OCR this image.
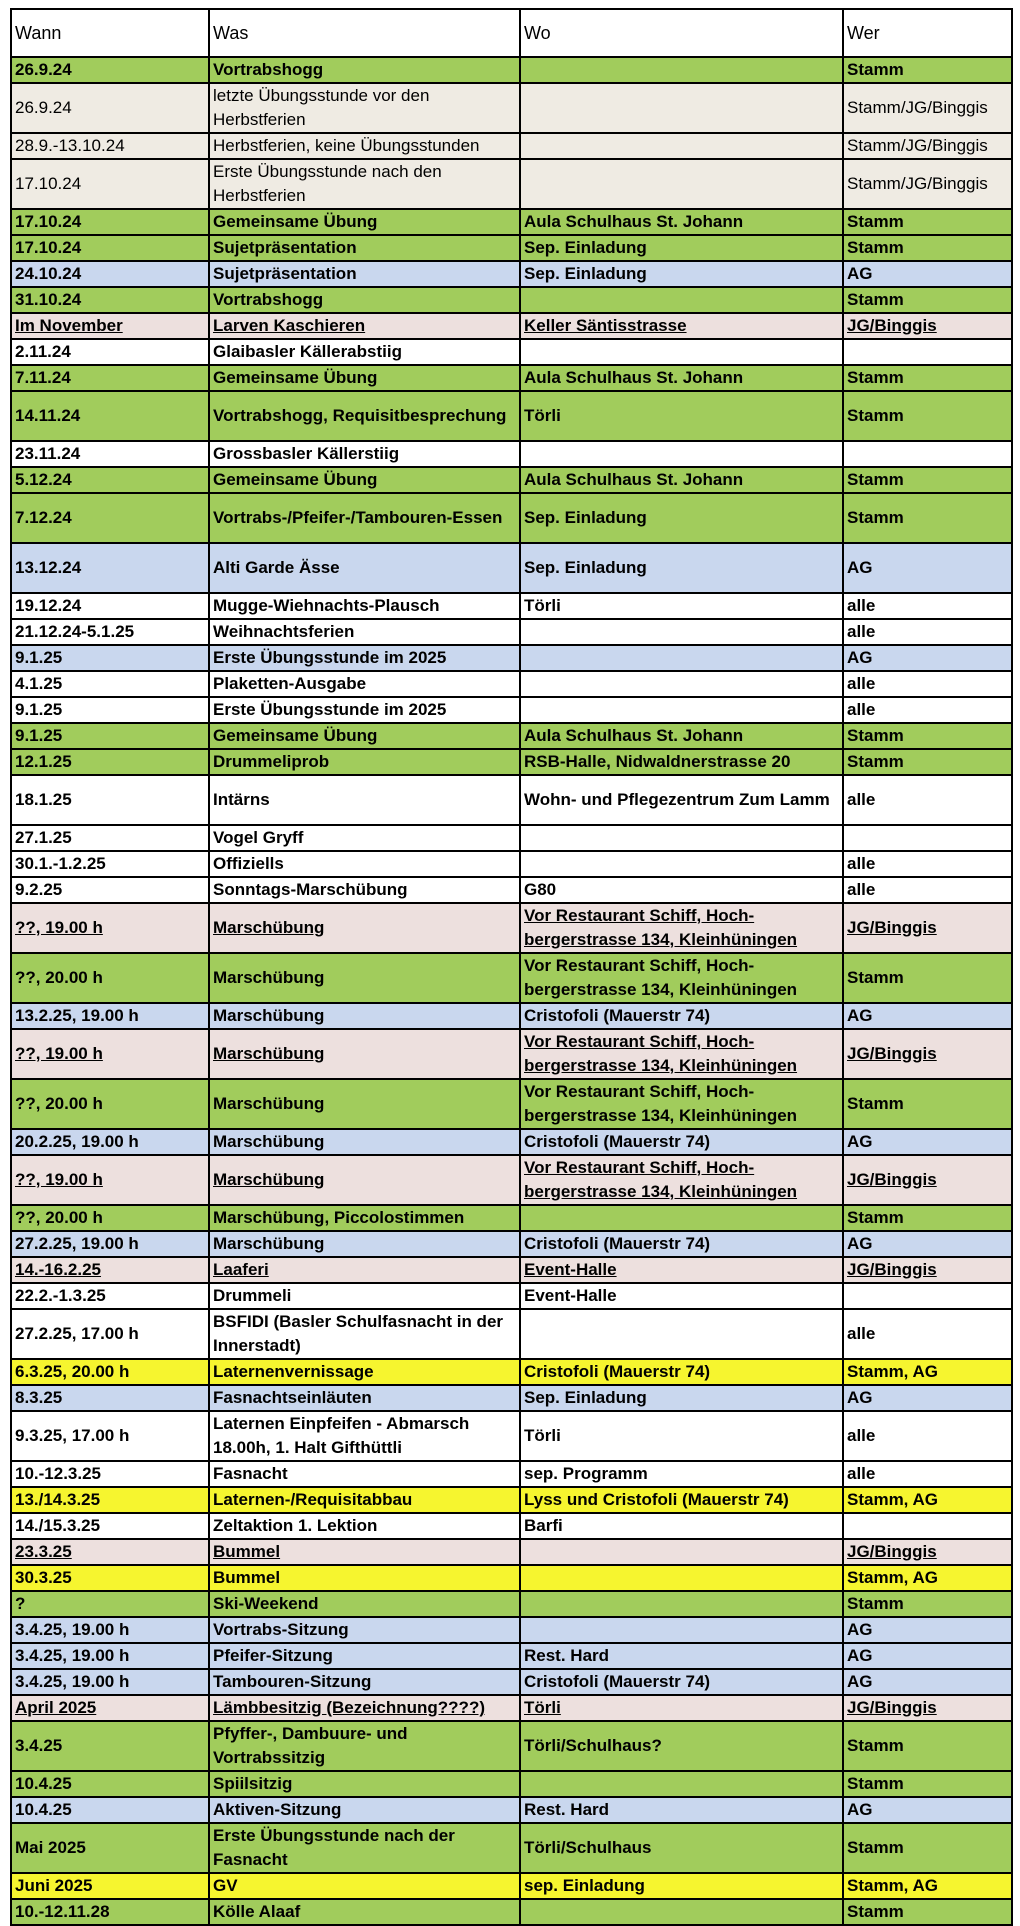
Wann	Was	Wo	Wer
26.9.24	Vortrabshogg		Stamm
26.9.24	letzte Übungsstunde vor den Herbstferien		Stamm/JG/Binggis
28.9.-13.10.24	Herbstferien, keine Übungsstunden		Stamm/JG/Binggis
17.10.24	Erste Übungsstunde nach den Herbstferien		Stamm/JG/Binggis
17.10.24	Gemeinsame Übung	Aula Schulhaus St. Johann	Stamm
17.10.24	Sujetpräsentation	Sep. Einladung	Stamm
24.10.24	Sujetpräsentation	Sep. Einladung	AG
31.10.24	Vortrabshogg		Stamm
Im November	Larven Kaschieren	Keller Säntisstrasse	JG/Binggis
2.11.24	Glaibasler Källerabstiig		
7.11.24	Gemeinsame Übung	Aula Schulhaus St. Johann	Stamm
14.11.24	Vortrabshogg, Requisitbesprechung	Törli	Stamm
23.11.24	Grossbasler Källerstiig		
5.12.24	Gemeinsame Übung	Aula Schulhaus St. Johann	Stamm
7.12.24	Vortrabs-/Pfeifer-/Tambouren-Essen	Sep. Einladung	Stamm
13.12.24	Alti Garde Ässe	Sep. Einladung	AG
19.12.24	Mugge-Wiehnachts-Plausch	Törli	alle
21.12.24-5.1.25	Weihnachtsferien		alle
9.1.25	Erste Übungsstunde im 2025		AG
4.1.25	Plaketten-Ausgabe		alle
9.1.25	Erste Übungsstunde im 2025		alle
9.1.25	Gemeinsame Übung	Aula Schulhaus St. Johann	Stamm
12.1.25	Drummeliprob	RSB-Halle, Nidwaldnerstrasse 20	Stamm
18.1.25	Intärns	Wohn- und Pflegezentrum Zum Lamm	alle
27.1.25	Vogel Gryff		
30.1.-1.2.25	Offiziells		alle
9.2.25	Sonntags-Marschübung	G80	alle
??, 19.00 h	Marschübung	Vor Restaurant Schiff, Hoch-bergerstrasse 134, Kleinhüningen	JG/Binggis
??, 20.00 h	Marschübung	Vor Restaurant Schiff, Hoch-bergerstrasse 134, Kleinhüningen	Stamm
13.2.25, 19.00 h	Marschübung	Cristofoli (Mauerstr 74)	AG
??, 19.00 h	Marschübung	Vor Restaurant Schiff, Hoch-bergerstrasse 134, Kleinhüningen	JG/Binggis
??, 20.00 h	Marschübung	Vor Restaurant Schiff, Hoch-bergerstrasse 134, Kleinhüningen	Stamm
20.2.25, 19.00 h	Marschübung	Cristofoli (Mauerstr 74)	AG
??, 19.00 h	Marschübung	Vor Restaurant Schiff, Hoch-bergerstrasse 134, Kleinhüningen	JG/Binggis
??, 20.00 h	Marschübung, Piccolostimmen		Stamm
27.2.25, 19.00 h	Marschübung	Cristofoli (Mauerstr 74)	AG
14.-16.2.25	Laaferi	Event-Halle	JG/Binggis
22.2.-1.3.25	Drummeli	Event-Halle	
27.2.25, 17.00 h	BSFIDI (Basler Schulfasnacht in der Innerstadt)		alle
6.3.25, 20.00 h	Laternenvernissage	Cristofoli (Mauerstr 74)	Stamm, AG
8.3.25	Fasnachtseinläuten	Sep. Einladung	AG
9.3.25, 17.00 h	Laternen Einpfeifen - Abmarsch 18.00h, 1. Halt Gifthüttli	Törli	alle
10.-12.3.25	Fasnacht	sep. Programm	alle
13./14.3.25	Laternen-/Requisitabbau	Lyss und Cristofoli (Mauerstr 74)	Stamm, AG
14./15.3.25	Zeltaktion 1. Lektion	Barfi	
23.3.25	Bummel		JG/Binggis
30.3.25	Bummel		Stamm, AG
?	Ski-Weekend		Stamm
3.4.25, 19.00 h	Vortrabs-Sitzung		AG
3.4.25, 19.00 h	Pfeifer-Sitzung	Rest. Hard	AG
3.4.25, 19.00 h	Tambouren-Sitzung	Cristofoli (Mauerstr 74)	AG
April 2025	Lämbbesitzig (Bezeichnung????)	Törli	JG/Binggis
3.4.25	Pfyffer-, Dambuure- und Vortrabssitzig	Törli/Schulhaus?	Stamm
10.4.25	Spiilsitzig		Stamm
10.4.25	Aktiven-Sitzung	Rest. Hard	AG
Mai 2025	Erste Übungsstunde nach der Fasnacht	Törli/Schulhaus	Stamm
Juni 2025	GV	sep. Einladung	Stamm, AG
10.-12.11.28	Kölle Alaaf		Stamm
